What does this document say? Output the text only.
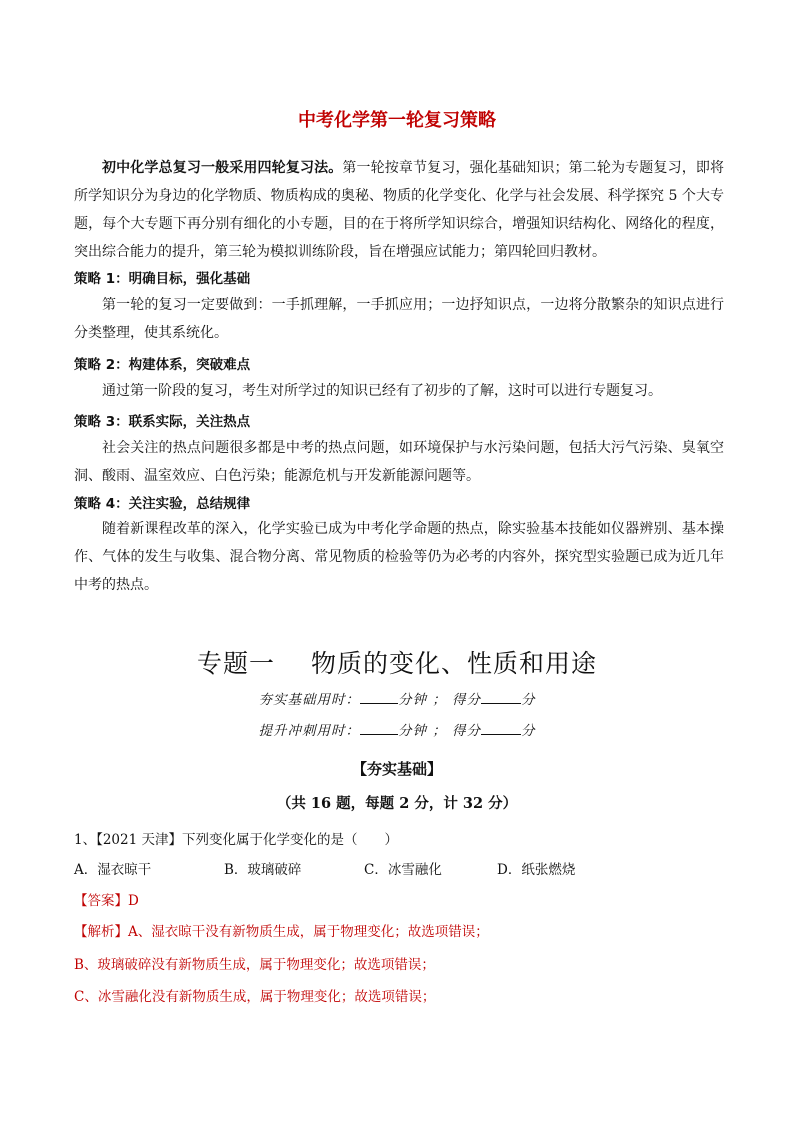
中考化学第一轮复习策略
初中化学总复习一般采用四轮复习法。第一轮按章节复习，强化基础知识；第二轮为专题复习，即将所学知识分为身边的化学物质、物质构成的奥秘、物质的化学变化、化学与社会发展、科学探究 5 个大专题，每个大专题下再分别有细化的小专题，目的在于将所学知识综合，增强知识结构化、网络化的程度，突出综合能力的提升，第三轮为模拟训练阶段，旨在增强应试能力；第四轮回归教材。
策略 1：明确目标，强化基础
第一轮的复习一定要做到：一手抓理解，一手抓应用；一边抒知识点，一边将分散繁杂的知识点进行分类整理，使其系统化。
策略 2：构建体系，突破难点
通过第一阶段的复习，考生对所学过的知识已经有了初步的了解，这时可以进行专题复习。
策略 3：联系实际，关注热点
社会关注的热点问题很多都是中考的热点问题，如环境保护与水污染问题，包括大污气污染、臭氧空洞、酸雨、温室效应、白色污染；能源危机与开发新能源问题等。
策略 4：关注实验，总结规律
随着新课程改革的深入，化学实验已成为中考化学命题的热点，除实验基本技能如仪器辨别、基本操作、气体的发生与收集、混合物分离、常见物质的检验等仍为必考的内容外，探究型实验题已成为近几年中考的热点。
专题一 物质的变化、性质和用途
夯实基础用时：	分钟 ； 得分	分
提升冲刺用时：	分钟 ； 得分	分
【夯实基础】
（共 16 题，每题 2 分，计 32 分）
1、【2021 天津】下列变化属于化学变化的是（　　）
A．湿衣晾干	B．玻璃破碎	C．冰雪融化	D．纸张燃烧
【答案】D
【解析】A、湿衣晾干没有新物质生成，属于物理变化；故选项错误；
B、玻璃破碎没有新物质生成，属于物理变化；故选项错误；
C、冰雪融化没有新物质生成，属于物理变化；故选项错误；
